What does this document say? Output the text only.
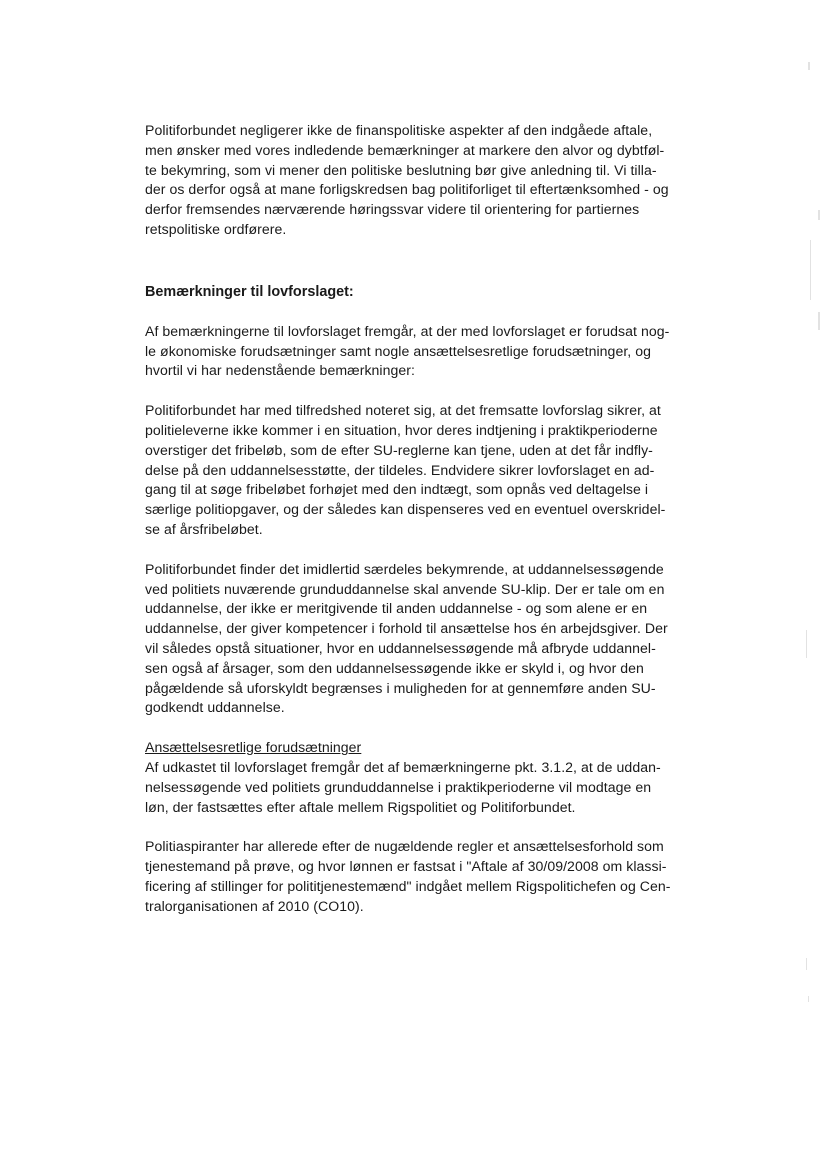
Politiforbundet negligerer ikke de finanspolitiske aspekter af den indgåede aftale,
men ønsker med vores indledende bemærkninger at markere den alvor og dybtføl-
te bekymring, som vi mener den politiske beslutning bør give anledning til. Vi tilla-
der os derfor også at mane forligskredsen bag politiforliget til eftertænksomhed - og
derfor fremsendes nærværende høringssvar videre til orientering for partiernes
retspolitiske ordførere.

Bemærkninger til lovforslaget:

Af bemærkningerne til lovforslaget fremgår, at der med lovforslaget er forudsat nog-
le økonomiske forudsætninger samt nogle ansættelsesretlige forudsætninger, og
hvortil vi har nedenstående bemærkninger:

Politiforbundet har med tilfredshed noteret sig, at det fremsatte lovforslag sikrer, at
politieleverne ikke kommer i en situation, hvor deres indtjening i praktikperioderne
overstiger det fribeløb, som de efter SU-reglerne kan tjene, uden at det får indfly-
delse på den uddannelsesstøtte, der tildeles. Endvidere sikrer lovforslaget en ad-
gang til at søge fribeløbet forhøjet med den indtægt, som opnås ved deltagelse i
særlige politiopgaver, og der således kan dispenseres ved en eventuel overskridel-
se af årsfribeløbet.

Politiforbundet finder det imidlertid særdeles bekymrende, at uddannelsessøgende
ved politiets nuværende grunduddannelse skal anvende SU-klip. Der er tale om en
uddannelse, der ikke er meritgivende til anden uddannelse - og som alene er en
uddannelse, der giver kompetencer i forhold til ansættelse hos én arbejdsgiver. Der
vil således opstå situationer, hvor en uddannelsessøgende må afbryde uddannel-
sen også af årsager, som den uddannelsessøgende ikke er skyld i, og hvor den
pågældende så uforskyldt begrænses i muligheden for at gennemføre anden SU-
godkendt uddannelse.

Ansættelsesretlige forudsætninger
Af udkastet til lovforslaget fremgår det af bemærkningerne pkt. 3.1.2, at de uddan-
nelsessøgende ved politiets grunduddannelse i praktikperioderne vil modtage en
løn, der fastsættes efter aftale mellem Rigspolitiet og Politiforbundet.

Politiaspiranter har allerede efter de nugældende regler et ansættelsesforhold som
tjenestemand på prøve, og hvor lønnen er fastsat i "Aftale af 30/09/2008 om klassi-
ficering af stillinger for polititjenestemænd" indgået mellem Rigspolitichefen og Cen-
tralorganisationen af 2010 (CO10).
